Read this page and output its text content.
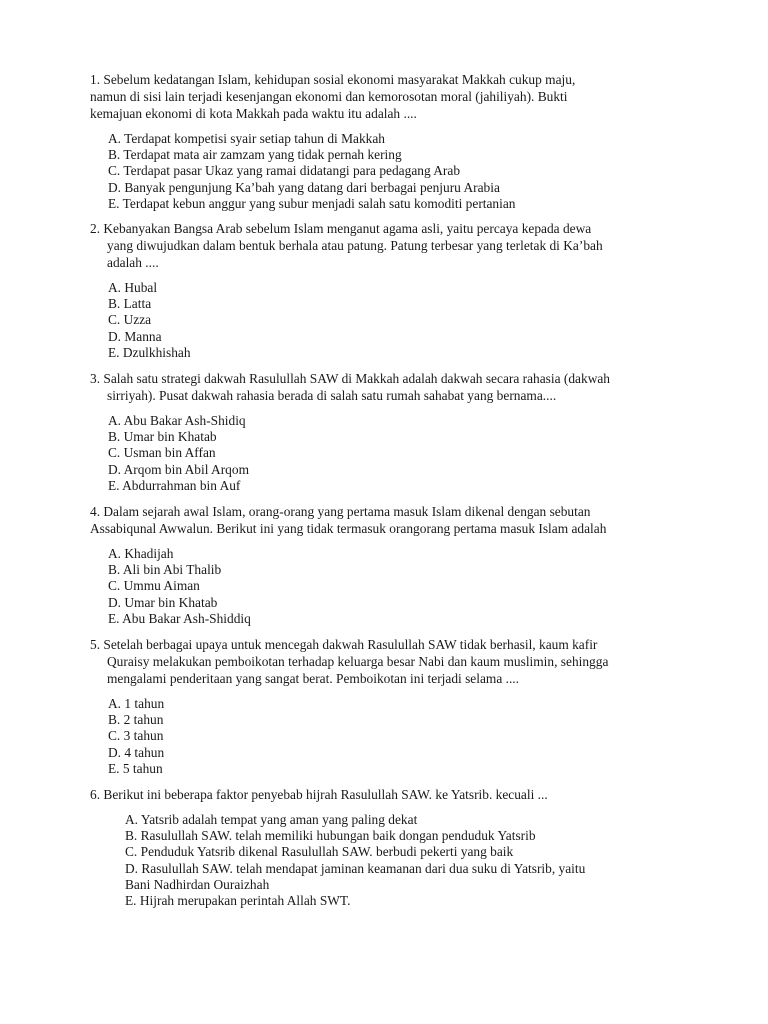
1. Sebelum kedatangan Islam, kehidupan sosial ekonomi masyarakat Makkah cukup maju,
namun di sisi lain terjadi kesenjangan ekonomi dan kemorosotan moral (jahiliyah). Bukti
kemajuan ekonomi di kota Makkah pada waktu itu adalah ....

A. Terdapat kompetisi syair setiap tahun di Makkah
B. Terdapat mata air zamzam yang tidak pernah kering
C. Terdapat pasar Ukaz yang ramai didatangi para pedagang Arab
D. Banyak pengunjung Ka’bah yang datang dari berbagai penjuru Arabia
E. Terdapat kebun anggur yang subur menjadi salah satu komoditi pertanian

2. Kebanyakan Bangsa Arab sebelum Islam menganut agama asli, yaitu percaya kepada dewa
yang diwujudkan dalam bentuk berhala atau patung. Patung terbesar yang terletak di Ka’bah
adalah ....

A. Hubal
B. Latta
C. Uzza
D. Manna
E. Dzulkhishah

3. Salah satu strategi dakwah Rasulullah SAW di Makkah adalah dakwah secara rahasia (dakwah
sirriyah). Pusat dakwah rahasia berada di salah satu rumah sahabat yang bernama....

A. Abu Bakar Ash-Shidiq
B. Umar bin Khatab
C. Usman bin Affan
D. Arqom bin Abil Arqom
E. Abdurrahman bin Auf

4. Dalam sejarah awal Islam, orang-orang yang pertama masuk Islam dikenal dengan sebutan
Assabiqunal Awwalun. Berikut ini yang tidak termasuk orangorang pertama masuk Islam adalah

A. Khadijah
B. Ali bin Abi Thalib
C. Ummu Aiman
D. Umar bin Khatab
E. Abu Bakar Ash-Shiddiq

5. Setelah berbagai upaya untuk mencegah dakwah Rasulullah SAW tidak berhasil, kaum kafir
Quraisy melakukan pemboikotan terhadap keluarga besar Nabi dan kaum muslimin, sehingga
mengalami penderitaan yang sangat berat. Pemboikotan ini terjadi selama ....

A. 1 tahun
B. 2 tahun
C. 3 tahun
D. 4 tahun
E. 5 tahun

6. Berikut ini beberapa faktor penyebab hijrah Rasulullah SAW. ke Yatsrib. kecuali ...

A. Yatsrib adalah tempat yang aman yang paling dekat
B. Rasulullah SAW. telah memiliki hubungan baik dongan penduduk Yatsrib
C. Penduduk Yatsrib dikenal Rasulullah SAW. berbudi pekerti yang baik
D. Rasulullah SAW. telah mendapat jaminan keamanan dari dua suku di Yatsrib, yaitu
Bani Nadhirdan Ouraizhah
E. Hijrah merupakan perintah Allah SWT.
